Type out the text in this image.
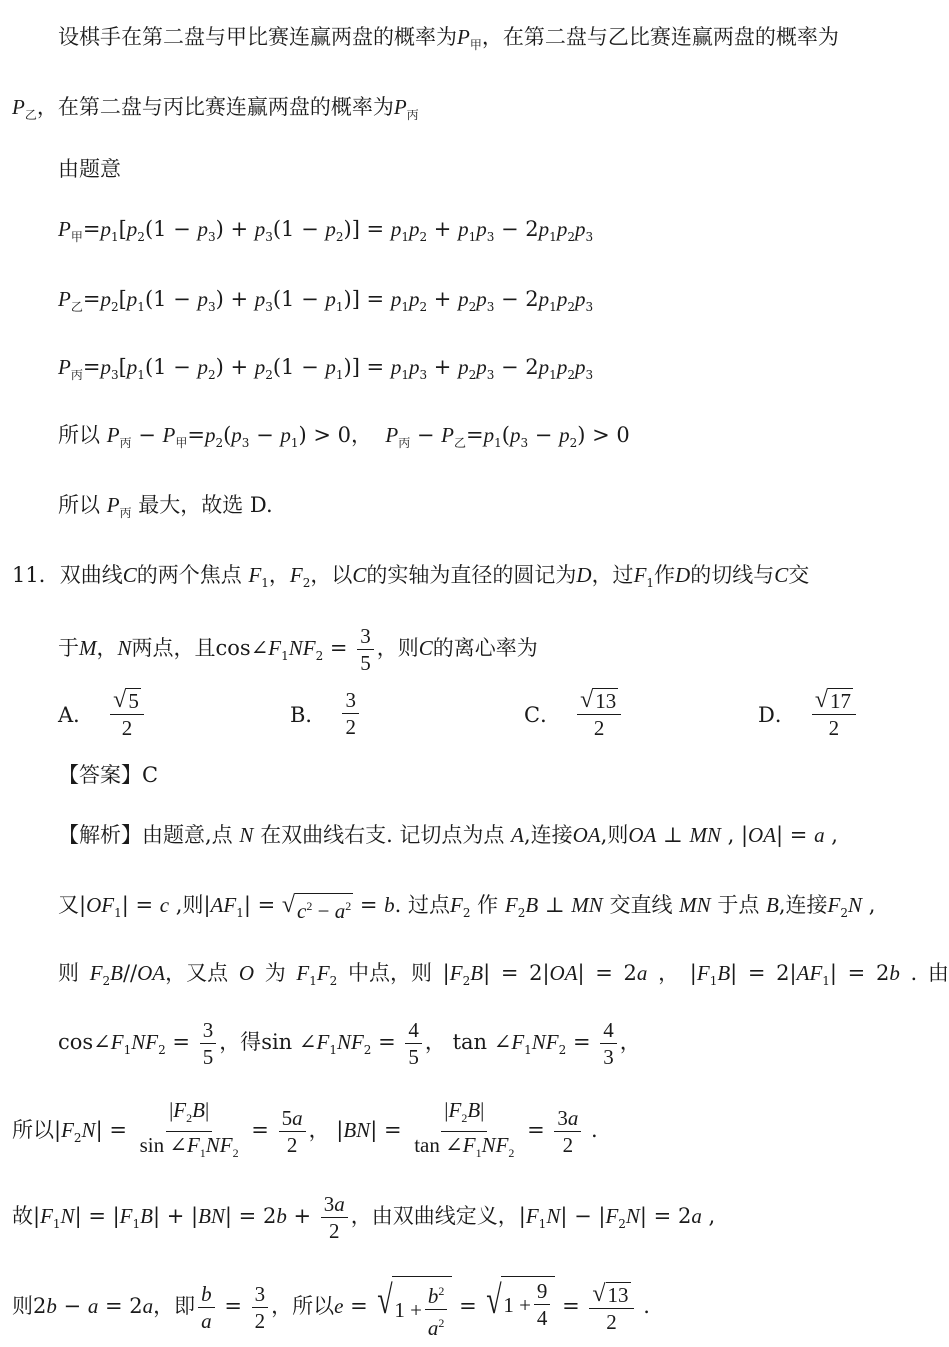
设棋手在第二盘与甲比赛连赢两盘的概率为$P_甲$，在第二盘与乙比赛连赢两盘的概率为
$P_乙$，在第二盘与丙比赛连赢两盘的概率为$P_丙$
由题意
$P_甲=p_1[p_2(1 - p_3) + p_3(1 - p_2)] = p_1p_2 + p_1p_3 - 2p_1p_2p_3$
$P_乙=p_2[p_1(1 - p_3) + p_3(1 - p_1)] = p_1p_2 + p_2p_3 - 2p_1p_2p_3$
$P_丙=p_3[p_1(1 - p_2) + p_2(1 - p_1)] = p_1p_3 + p_2p_3 - 2p_1p_2p_3$
所以 $P_丙 - P_甲=p_2(p_3 - p_1) > 0$，  $P_丙 - P_乙=p_1(p_3 - p_2) > 0$
所以 $P_丙$ 最大，故选 D.
11．双曲线C的两个焦点 $F_1$，$F_2$，以C的实轴为直径的圆记为D，过$F_1$作D的切线与C交
于M，N两点，且$\cos\angle F_1NF_2 = \frac{3}{5}$ ，则C的离心率为
A． $\frac{√ 5}{2}$	B． $\frac{3}{2}$	C． $\frac{√ 13}{2}$	D． $\frac{√ 17}{2}$
【答案】C
【解析】由题意,点 N 在双曲线右支. 记切点为点 A,连接OA,则OA ⊥ MN , |OA| = a ,
又$|OF_1| = c$ ,则$|AF_1|$ = √ $c^2 - a^2 = b$. 过点$F_2$ 作 $F_2B$ ⊥ MN 交直线 MN 于点 B,连接$F_2N$ ,
则 $F_2B//OA$，又点 O 为 $F_1F_2$ 中点，则 $|F_2B| = 2|OA| = 2a$ ， $|F_1B| = 2|AF_1| = 2b$ . 由
$\cos\angle F_1NF_2 = \frac{3}{5}$ ，得$\sin \angle F_1NF_2 = \frac{4}{5}$ ， $\tan \angle F_1NF_2 = \frac{4}{3}$ ，
所以$|F_2N| = \frac{|F_2B|}{\sin \angle F_1NF_2} = \frac{5a}{2}$ ， $|BN| = \frac{|F_2B|}{\tan \angle F_1NF_2} = \frac{3a}{2}$ .
故$|F_1N| = |F_1B| + |BN| = 2b + \frac{3a}{2}$ ，由双曲线定义，$|F_1N| - |F_2N| = 2a$ ,
则2b − a = 2a，即 $\frac{b}{a} = \frac{3}{2}$ ，所以e = √ $1 + \frac{b^2}{a^2}$ = √ $1 + \frac{9}{4} = \frac{√ 13}{2}$ .
